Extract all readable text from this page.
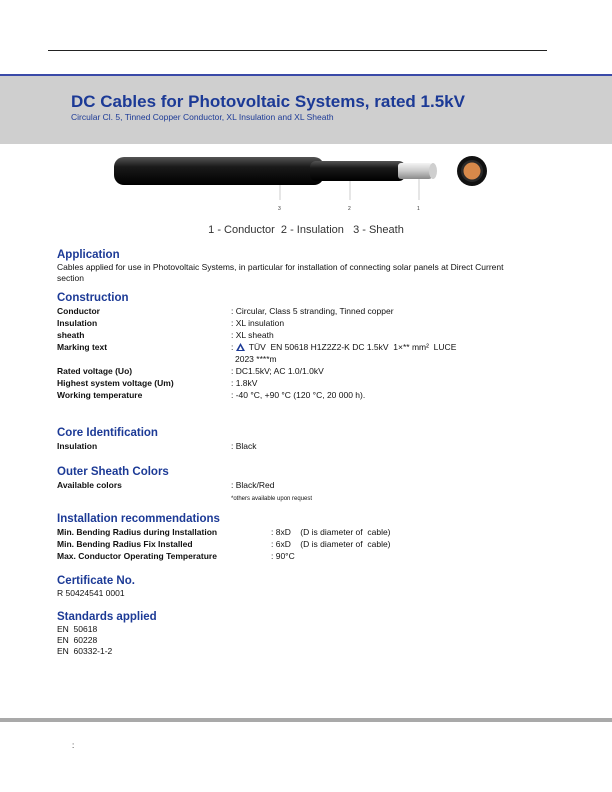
DC Cables for Photovoltaic Systems, rated 1.5kV
Circular Cl. 5, Tinned Copper Conductor, XL Insulation and XL Sheath
3	2	1
1 - Conductor  2 - Insulation   3 - Sheath
Application

Cables applied for use in Photovoltaic Systems, in particular for installation of connecting solar panels at Direct Current section

Construction
Conductor	: Circular, Class 5 stranding, Tinned copper
Insulation	: XL insulation
sheath	: XL sheath
Marking text	: TÜV  EN 50618 H1Z2Z2-K DC 1.5kV  1×** mm²  LUCE
2023 ****m
Rated voltage (Uo)	: DC1.5kV; AC 1.0/1.0kV
Highest system voltage (Um)	: 1.8kV
Working temperature	: -40 °C, +90 °C (120 °C, 20 000 h).
Core Identification
Insulation	: Black
Outer Sheath Colors
Available colors	: Black/Red
*others available upon request
Installation recommendations
Min. Bending Radius during Installation	: 8xD    (D is diameter of  cable)
Min. Bending Radius Fix Installed	: 6xD    (D is diameter of  cable)
Max. Conductor Operating Temperature	: 90°C
Certificate No.
R 50424541 0001
Standards applied
EN  50618
EN  60228
EN  60332-1-2
:
